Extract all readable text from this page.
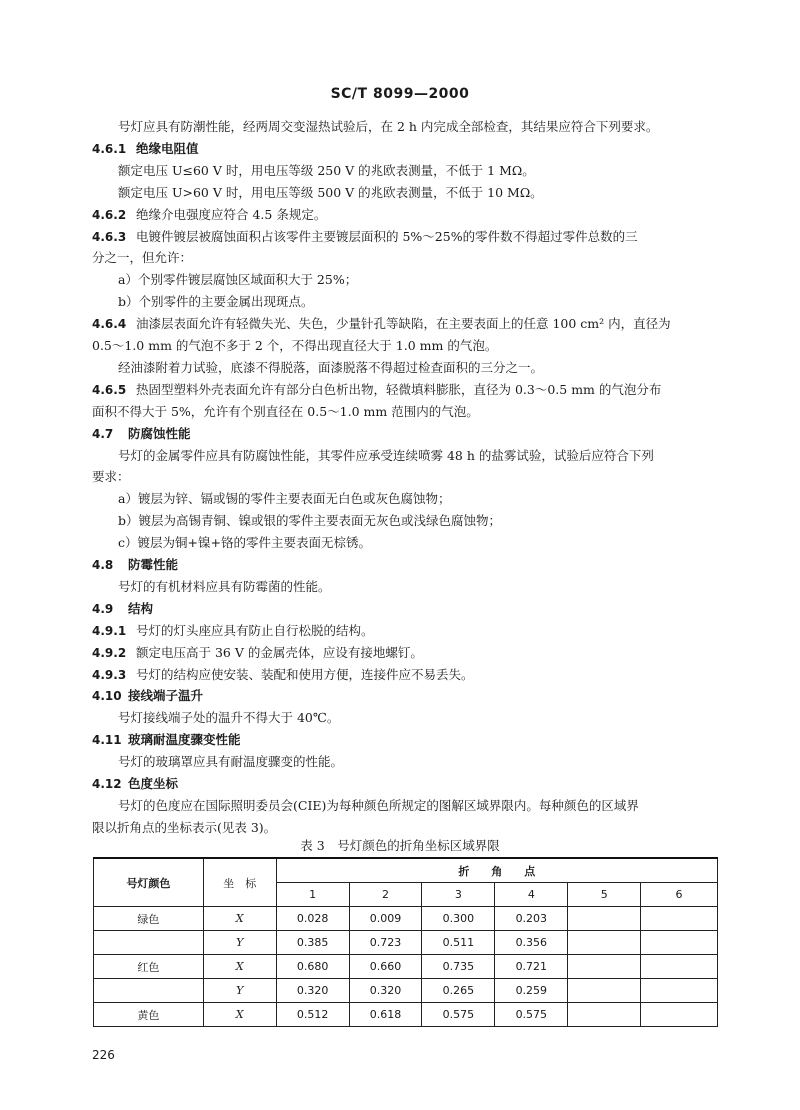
SC/T 8099—2000
号灯应具有防潮性能，经两周交变湿热试验后，在 2 h 内完成全部检查，其结果应符合下列要求。
4.6.1 绝缘电阻值
额定电压 U≤60 V 时，用电压等级 250 V 的兆欧表测量，不低于 1 MΩ。
额定电压 U>60 V 时，用电压等级 500 V 的兆欧表测量，不低于 10 MΩ。
4.6.2 绝缘介电强度应符合 4.5 条规定。
4.6.3 电镀件镀层被腐蚀面积占该零件主要镀层面积的 5%～25%的零件数不得超过零件总数的三
分之一，但允许：
a）个别零件镀层腐蚀区域面积大于 25%；
b）个别零件的主要金属出现斑点。
4.6.4 油漆层表面允许有轻微失光、失色，少量针孔等缺陷，在主要表面上的任意 100 cm² 内，直径为
0.5～1.0 mm 的气泡不多于 2 个，不得出现直径大于 1.0 mm 的气泡。
经油漆附着力试验，底漆不得脱落，面漆脱落不得超过检查面积的三分之一。
4.6.5 热固型塑料外壳表面允许有部分白色析出物，轻微填料膨胀，直径为 0.3～0.5 mm 的气泡分布
面积不得大于 5%，允许有个别直径在 0.5～1.0 mm 范围内的气泡。
4.7 防腐蚀性能
号灯的金属零件应具有防腐蚀性能，其零件应承受连续喷雾 48 h 的盐雾试验，试验后应符合下列
要求：
a）镀层为锌、镉或锡的零件主要表面无白色或灰色腐蚀物；
b）镀层为高锡青铜、镍或银的零件主要表面无灰色或浅绿色腐蚀物；
c）镀层为铜+镍+铬的零件主要表面无棕锈。
4.8 防霉性能
号灯的有机材料应具有防霉菌的性能。
4.9 结构
4.9.1 号灯的灯头座应具有防止自行松脱的结构。
4.9.2 额定电压高于 36 V 的金属壳体，应设有接地螺钉。
4.9.3 号灯的结构应使安装、装配和使用方便，连接件应不易丢失。
4.10 接线端子温升
号灯接线端子处的温升不得大于 40℃。
4.11 玻璃耐温度骤变性能
号灯的玻璃罩应具有耐温度骤变的性能。
4.12 色度坐标
号灯的色度应在国际照明委员会(CIE)为每种颜色所规定的图解区域界限内。每种颜色的区域界
限以折角点的坐标表示(见表 3)。
表 3　号灯颜色的折角坐标区域界限
号灯颜色	坐　标	折　　角　　点					
		1	2	3	4	5	6
绿色	X	0.028	0.009	0.300	0.203		
	Y	0.385	0.723	0.511	0.356		
红色	X	0.680	0.660	0.735	0.721		
	Y	0.320	0.320	0.265	0.259		
黄色	X	0.512	0.618	0.575	0.575		
226
